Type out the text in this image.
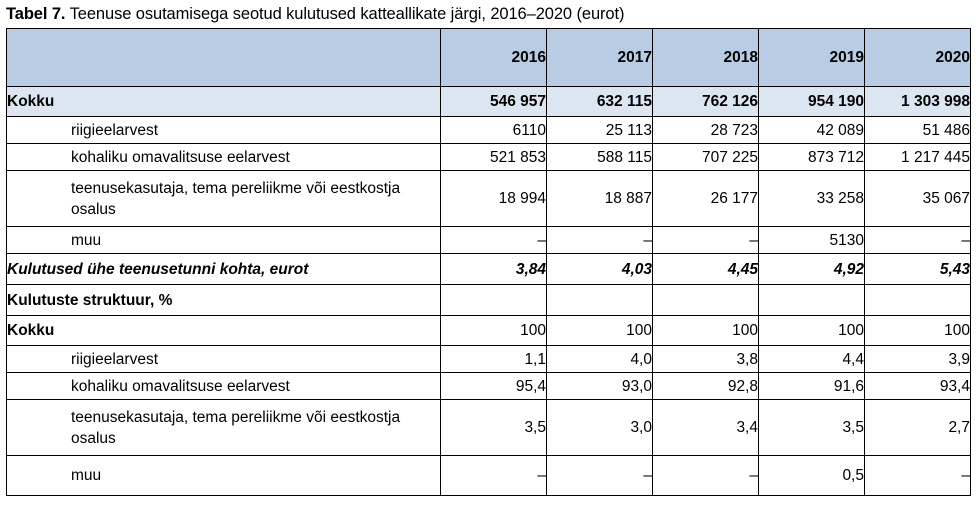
Tabel 7. Teenuse osutamisega seotud kulutused katteallikate järgi, 2016–2020 (eurot)
	2016	2017	2018	2019	2020
Kokku	546 957	632 115	762 126	954 190	1 303 998
riigieelarvest	6110	25 113	28 723	42 089	51 486
kohaliku omavalitsuse eelarvest	521 853	588 115	707 225	873 712	1 217 445
teenusekasutaja, tema pereliikme või eestkostja osalus	18 994	18 887	26 177	33 258	35 067
muu	–	–	–	5130	–
Kulutused ühe teenusetunni kohta, eurot	3,84	4,03	4,45	4,92	5,43
Kulutuste struktuur, %					
Kokku	100	100	100	100	100
riigieelarvest	1,1	4,0	3,8	4,4	3,9
kohaliku omavalitsuse eelarvest	95,4	93,0	92,8	91,6	93,4
teenusekasutaja, tema pereliikme või eestkostja osalus	3,5	3,0	3,4	3,5	2,7
muu	–	–	–	0,5	–
